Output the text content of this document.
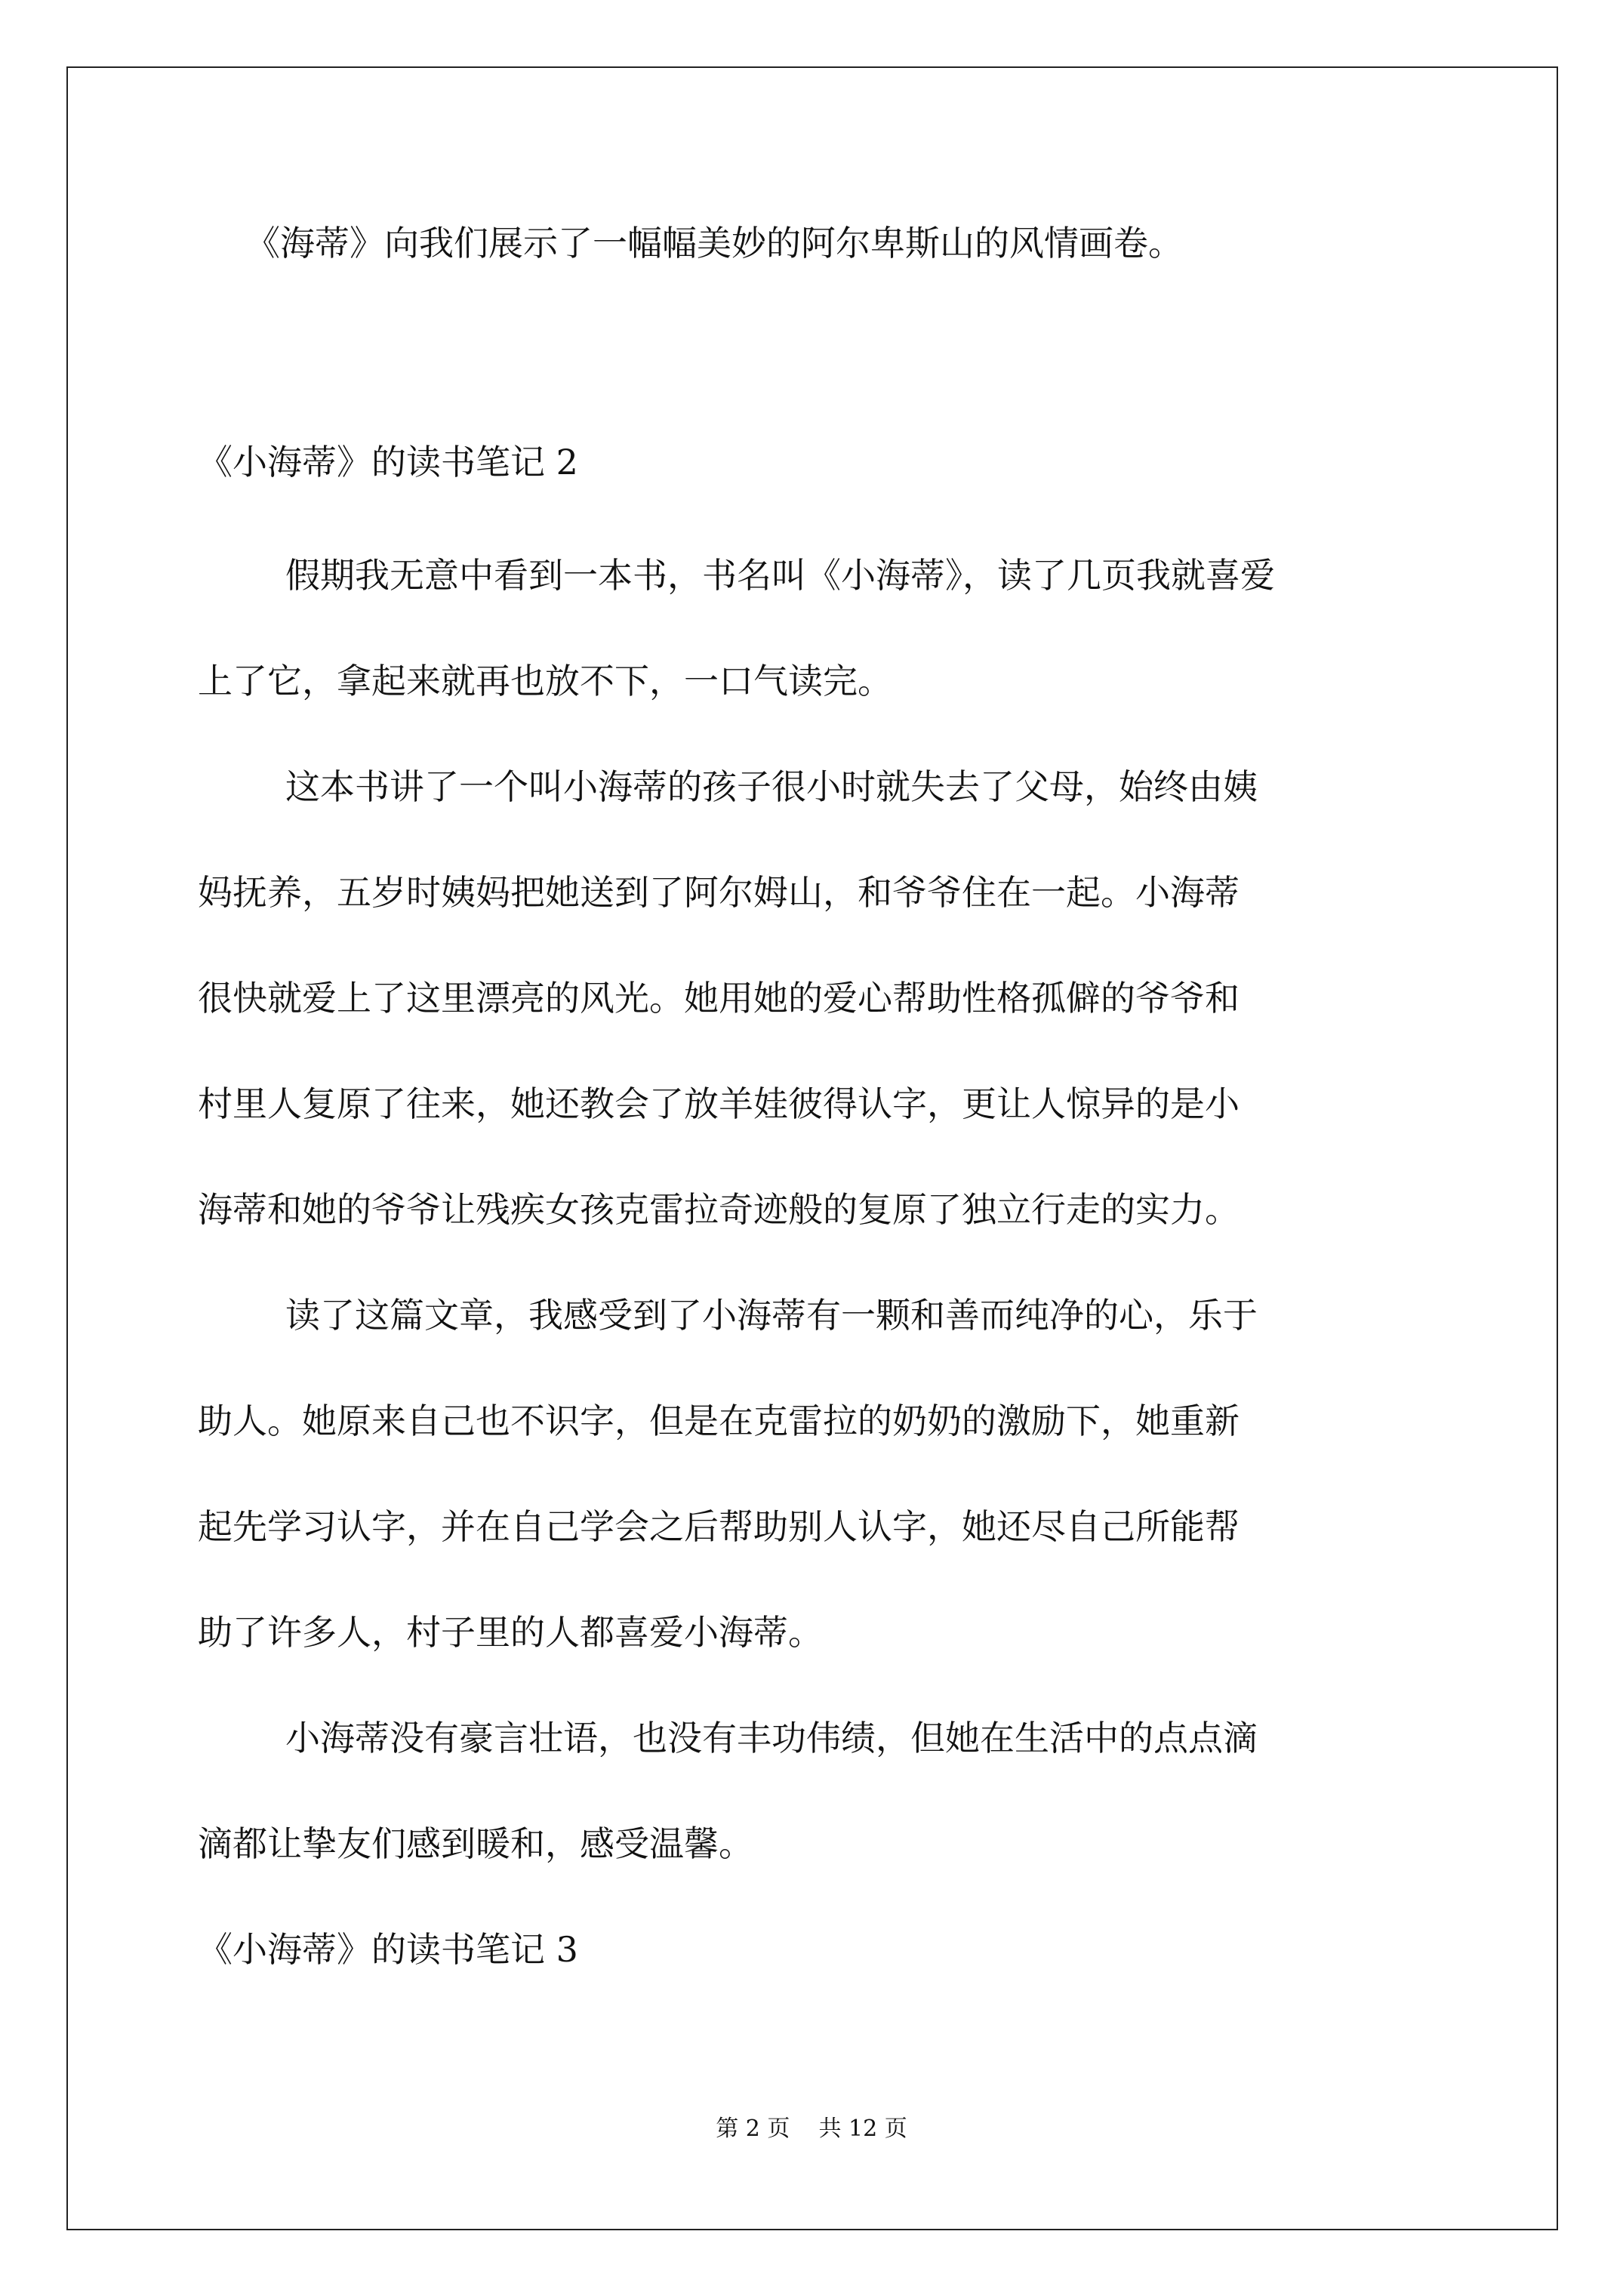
《海蒂》向我们展示了一幅幅美妙的阿尔卑斯山的风情画卷。
《小海蒂》的读书笔记 2
假期我无意中看到一本书，书名叫《小海蒂》，读了几页我就喜爱
上了它，拿起来就再也放不下，一口气读完。
这本书讲了一个叫小海蒂的孩子很小时就失去了父母，始终由姨
妈抚养，五岁时姨妈把她送到了阿尔姆山，和爷爷住在一起。小海蒂
很快就爱上了这里漂亮的风光。她用她的爱心帮助性格孤僻的爷爷和
村里人复原了往来，她还教会了放羊娃彼得认字，更让人惊异的是小
海蒂和她的爷爷让残疾女孩克雷拉奇迹般的复原了独立行走的实力。
读了这篇文章，我感受到了小海蒂有一颗和善而纯净的心，乐于
助人。她原来自己也不识字，但是在克雷拉的奶奶的激励下，她重新
起先学习认字，并在自己学会之后帮助别人认字，她还尽自己所能帮
助了许多人，村子里的人都喜爱小海蒂。
小海蒂没有豪言壮语，也没有丰功伟绩，但她在生活中的点点滴
滴都让挚友们感到暖和，感受温馨。
《小海蒂》的读书笔记 3
第 2 页    共 12 页
